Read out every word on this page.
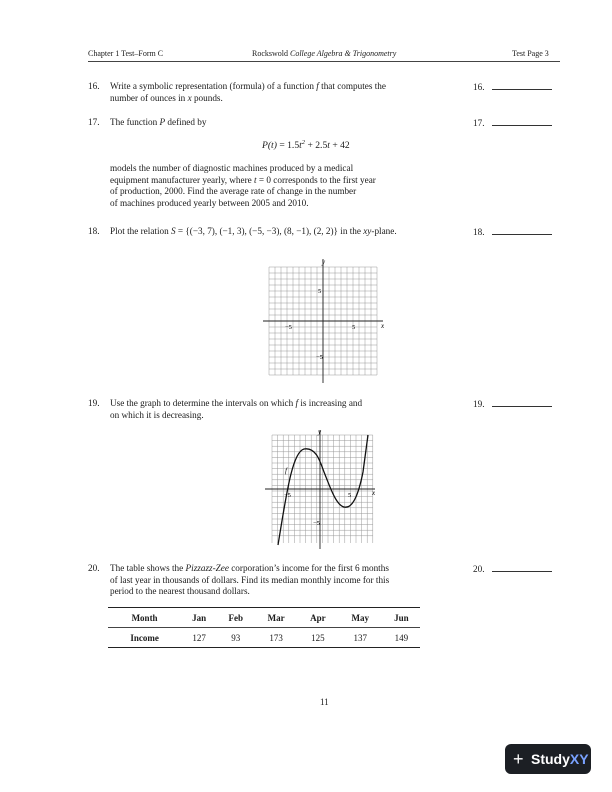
Chapter 1 Test–Form C	Rockswold College Algebra & Trigonometry	Test Page 3
16. Write a symbolic representation (formula) of a function f that computes the
number of ounces in x pounds.
16.
17. The function P defined by
$P(t) = 1.5t^2 + 2.5t + 42$
models the number of diagnostic machines produced by a medical
equipment manufacturer yearly, where t = 0 corresponds to the first year
of production, 2000. Find the average rate of change in the number
of machines produced yearly between 2005 and 2010.
17.
18. Plot the relation S = {(−3, 7), (−1, 3), (−5, −3), (8, −1), (2, 2)} in the xy-plane.	18.
x
y
−5	5
5
−5
19. Use the graph to determine the intervals on which f is increasing and
on which it is decreasing.
19.
x
y
f
−5	5
−5
20. The table shows the Pizzazz-Zee corporation’s income for the first 6 months
of last year in thousands of dollars. Find its median monthly income for this
period to the nearest thousand dollars.
20.
Month	Jan	Feb	Mar	Apr	May	Jun
Income	127	93	173	125	137	149
11
+ StudyXY
